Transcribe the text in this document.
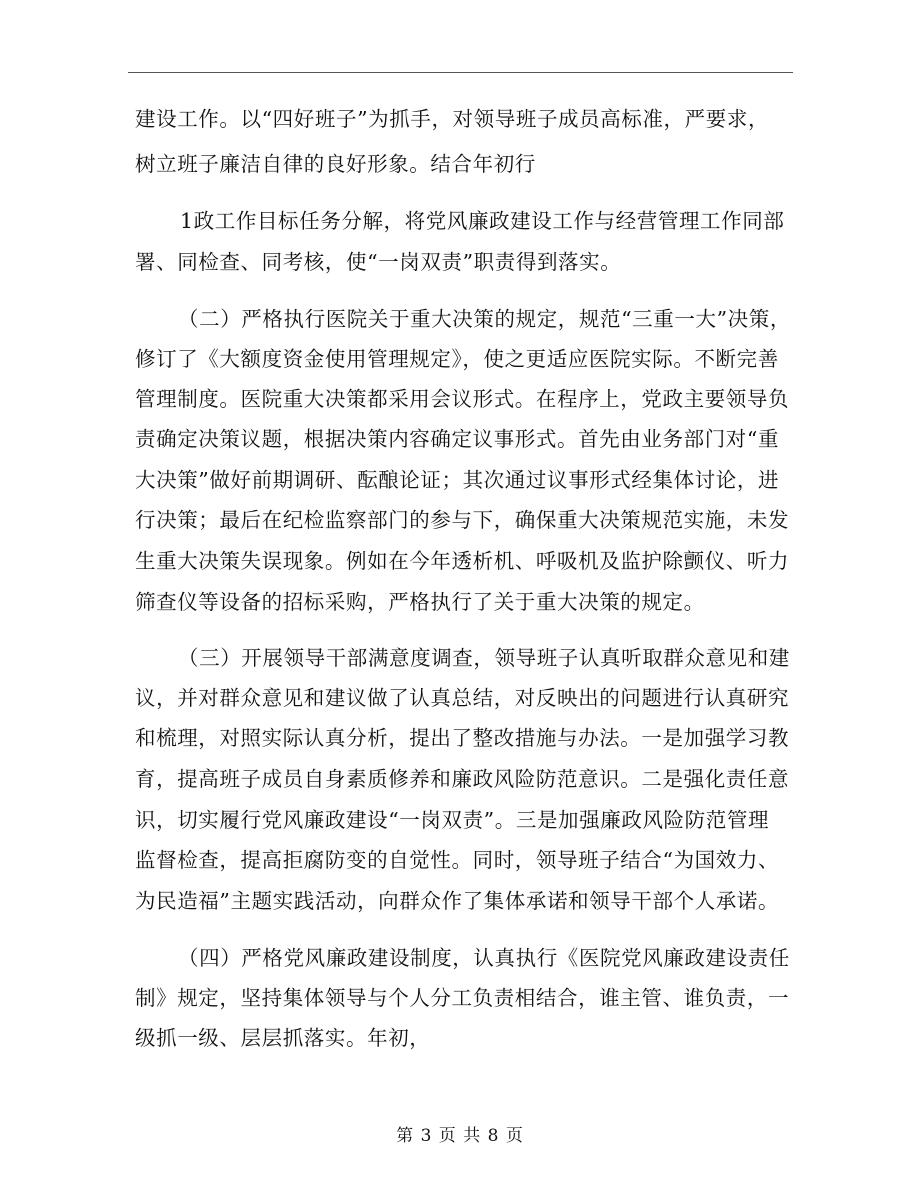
建设工作。以“四好班子”为抓手，对领导班子成员高标准，严要求，
树立班子廉洁自律的良好形象。结合年初行
1政工作目标任务分解，将党风廉政建设工作与经营管理工作同部
署、同检查、同考核，使“一岗双责”职责得到落实。
（二）严格执行医院关于重大决策的规定，规范“三重一大”决策，
修订了《大额度资金使用管理规定》，使之更适应医院实际。不断完善
管理制度。医院重大决策都采用会议形式。在程序上，党政主要领导负
责确定决策议题，根据决策内容确定议事形式。首先由业务部门对“重
大决策”做好前期调研、酝酿论证；其次通过议事形式经集体讨论，进
行决策；最后在纪检监察部门的参与下，确保重大决策规范实施，未发
生重大决策失误现象。例如在今年透析机、呼吸机及监护除颤仪、听力
筛查仪等设备的招标采购，严格执行了关于重大决策的规定。
（三）开展领导干部满意度调查，领导班子认真听取群众意见和建
议，并对群众意见和建议做了认真总结，对反映出的问题进行认真研究
和梳理，对照实际认真分析，提出了整改措施与办法。一是加强学习教
育，提高班子成员自身素质修养和廉政风险防范意识。二是强化责任意
识，切实履行党风廉政建设“一岗双责”。三是加强廉政风险防范管理
监督检查，提高拒腐防变的自觉性。同时，领导班子结合“为国效力、
为民造福”主题实践活动，向群众作了集体承诺和领导干部个人承诺。
（四）严格党风廉政建设制度，认真执行《医院党风廉政建设责任
制》规定，坚持集体领导与个人分工负责相结合，谁主管、谁负责，一
级抓一级、层层抓落实。年初，
第 3 页 共 8 页
